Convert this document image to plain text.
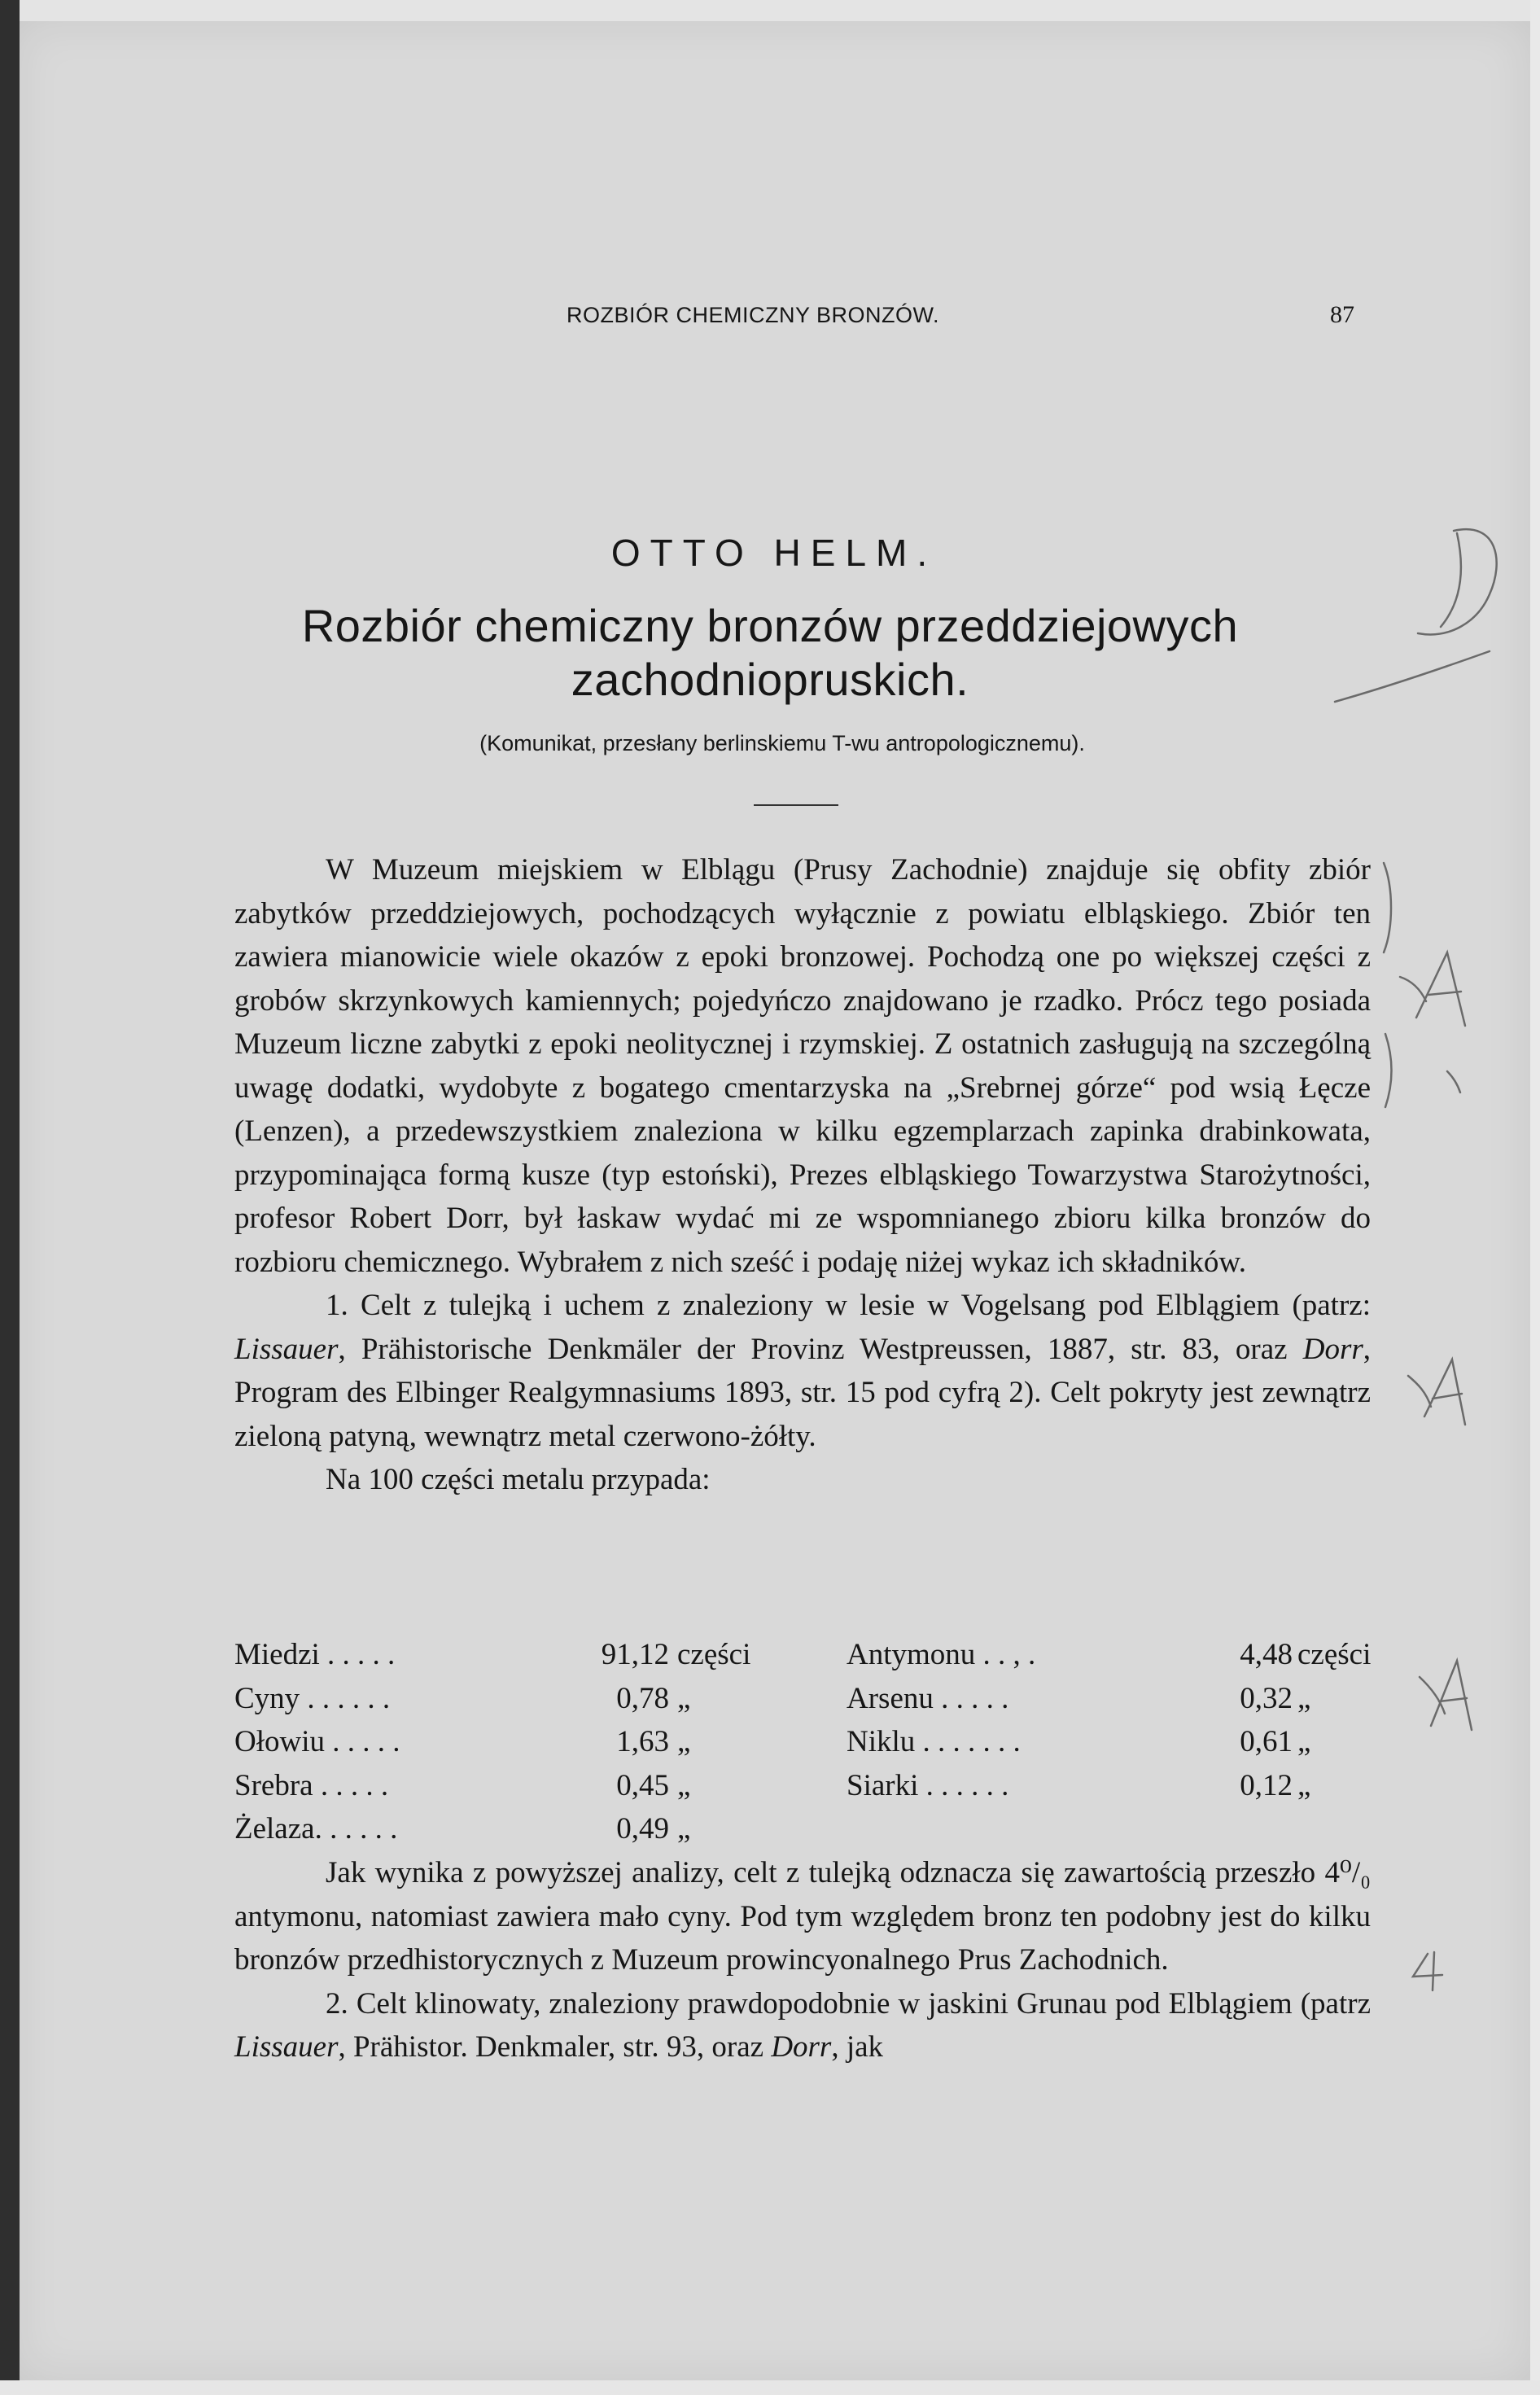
ROZBIÓR CHEMICZNY BRONZÓW.	87
OTTO HELM.
Rozbiór chemiczny bronzów przeddziejowych
zachodniopruskich.
(Komunikat, przesłany berlinskiemu T-wu antropologicznemu).

W Muzeum miejskiem w Elblągu (Prusy Zachodnie) znajduje się obfity zbiór zabytków przeddziejowych, pochodzących wyłącznie z powiatu elbląskiego. Zbiór ten zawiera mianowicie wiele okazów z epoki bronzowej. Pochodzą one po większej części z grobów skrzynkowych kamiennych; pojedyńczo znajdowano je rzadko. Prócz tego posiada Muzeum liczne zabytki z epoki neolitycznej i rzymskiej. Z ostatnich zasługują na szczególną uwagę dodatki, wydobyte z bogatego cmentarzyska na „Srebrnej górze“ pod wsią Łęcze (Lenzen), a przedewszystkiem znaleziona w kilku egzemplarzach zapinka drabinkowata, przypominająca formą kusze (typ estoński), Prezes elbląskiego Towarzystwa Starożytności, profesor Robert Dorr, był łaskaw wydać mi ze wspomnianego zbioru kilka bronzów do rozbioru chemicznego. Wybrałem z nich sześć i podaję niżej wykaz ich składników.

1. Celt z tulejką i uchem z znaleziony w lesie w Vogelsang pod Elblągiem (patrz: Lissauer, Prähistorische Denkmäler der Provinz Westpreussen, 1887, str. 83, oraz Dorr, Program des Elbinger Realgymnasiums 1893, str. 15 pod cyfrą 2). Celt pokryty jest zewnątrz zieloną patyną, wewnątrz metal czerwono-żółty.

Na 100 części metalu przypada:

Miedzi . . . . .	91,12 części	Antymonu . . , .	4,48 części
Cyny . . . . . .	0,78 „	Arsenu . . . . .	0,32 „
Ołowiu . . . . .	1,63 „	Niklu . . . . . . .	0,61 „
Srebra . . . . .	0,45 „	Siarki . . . . . .	0,12 „
Żelaza. . . . . .	0,49 „

Jak wynika z powyższej analizy, celt z tulejką odznacza się zawartością przeszło 4⁰/₀ antymonu, natomiast zawiera mało cyny. Pod tym względem bronz ten podobny jest do kilku bronzów przedhistorycznych z Muzeum prowincyonalnego Prus Zachodnich.

2. Celt klinowaty, znaleziony prawdopodobnie w jaskini Grunau pod Elblągiem (patrz Lissauer, Prähistor. Denkmaler, str. 93, oraz Dorr, jak
